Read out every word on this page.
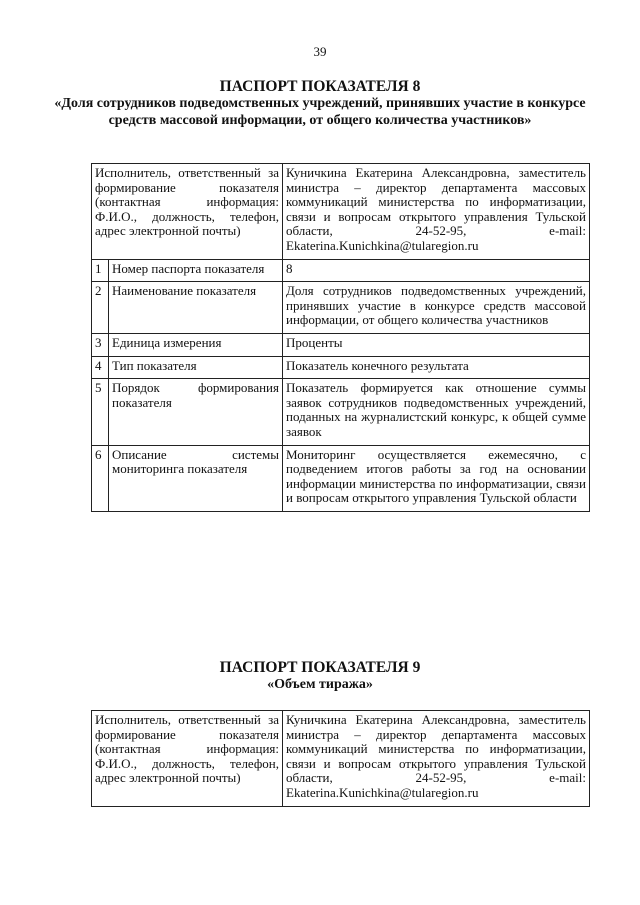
39
ПАСПОРТ ПОКАЗАТЕЛЯ 8
«Доля сотрудников подведомственных учреждений, принявших участие в конкурсе средств массовой информации, от общего количества участников»
Исполнитель, ответственный за формирование показателя (контактная информация: Ф.И.О., должность, телефон, адрес электронной почты)		Куничкина Екатерина Александровна, заместитель министра – директор департамента массовых коммуникаций министерства по информатизации, связи и вопросам открытого управления Тульской области, 24-52-95, e-mail: Ekaterina.Kunichkina@tularegion.ru
1	Номер паспорта показателя	8
2	Наименование показателя	Доля сотрудников подведомственных учреждений, принявших участие в конкурсе средств массовой информации, от общего количества участников
3	Единица измерения	Проценты
4	Тип показателя	Показатель конечного результата
5	Порядок формирования показателя	Показатель формируется как отношение суммы заявок сотрудников подведомственных учреждений, поданных на журналистский конкурс, к общей сумме заявок
6	Описание системы мониторинга показателя	Мониторинг осуществляется ежемесячно, с подведением итогов работы за год на основании информации министерства по информатизации, связи и вопросам открытого управления Тульской области
ПАСПОРТ ПОКАЗАТЕЛЯ 9
«Объем тиража»
Исполнитель, ответственный за формирование показателя (контактная информация: Ф.И.О., должность, телефон, адрес электронной почты)	Куничкина Екатерина Александровна, заместитель министра – директор департамента массовых коммуникаций министерства по информатизации, связи и вопросам открытого управления Тульской области, 24-52-95, e-mail: Ekaterina.Kunichkina@tularegion.ru
